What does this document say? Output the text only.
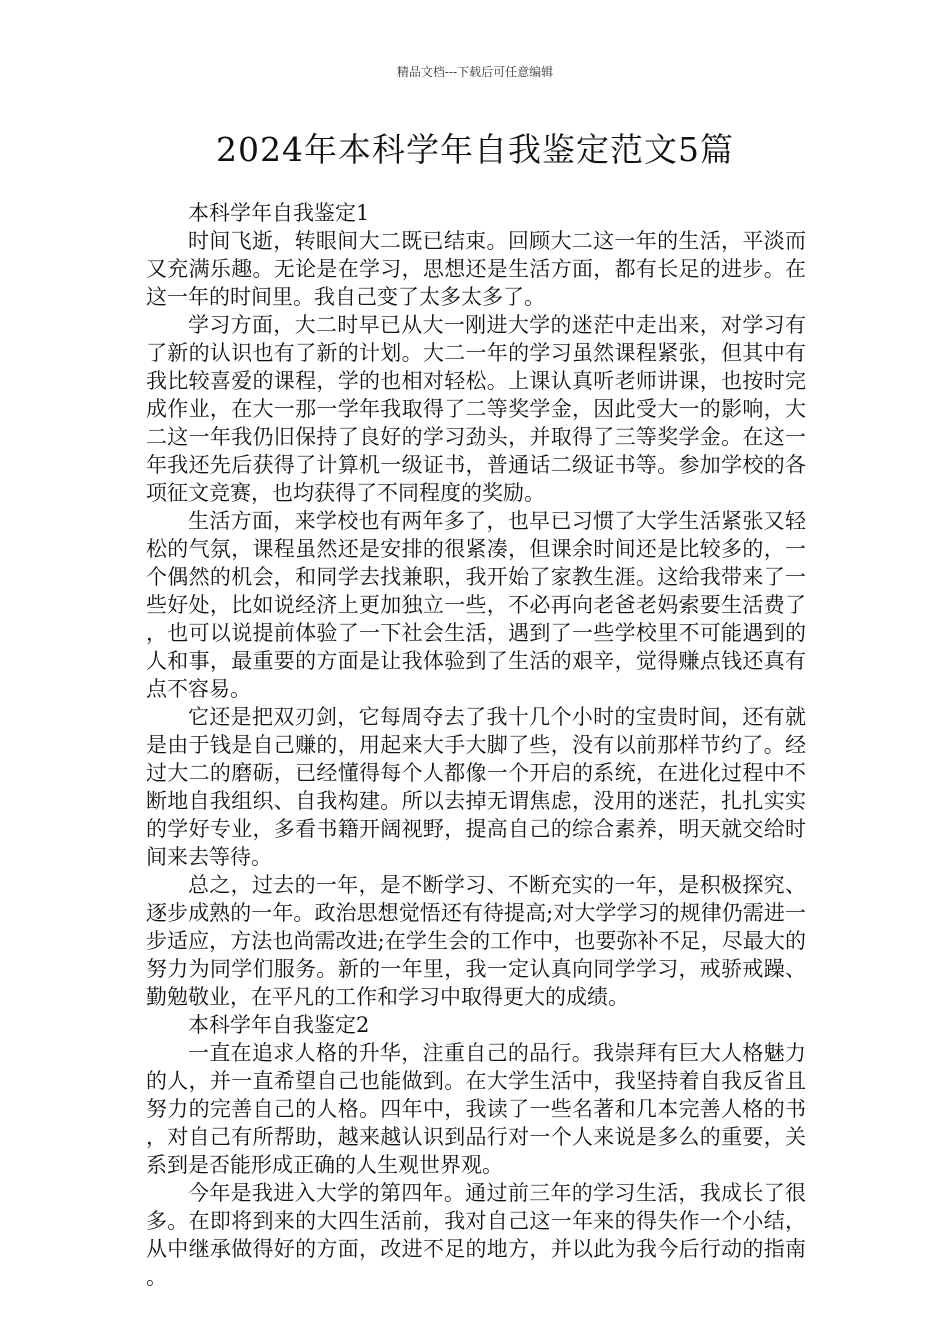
精品文档---下载后可任意编辑
2024年本科学年自我鉴定范文5篇

本科学年自我鉴定1

时间飞逝，转眼间大二既已结束。回顾大二这一年的生活，平淡而又充满乐趣。无论是在学习，思想还是生活方面，都有长足的进步。在这一年的时间里。我自己变了太多太多了。

学习方面，大二时早已从大一刚进大学的迷茫中走出来，对学习有了新的认识也有了新的计划。大二一年的学习虽然课程紧张，但其中有我比较喜爱的课程，学的也相对轻松。上课认真听老师讲课，也按时完成作业，在大一那一学年我取得了二等奖学金，因此受大一的影响，大二这一年我仍旧保持了良好的学习劲头，并取得了三等奖学金。在这一年我还先后获得了计算机一级证书，普通话二级证书等。参加学校的各项征文竞赛，也均获得了不同程度的奖励。

生活方面，来学校也有两年多了，也早已习惯了大学生活紧张又轻松的气氛，课程虽然还是安排的很紧凑，但课余时间还是比较多的，一个偶然的机会，和同学去找兼职，我开始了家教生涯。这给我带来了一些好处，比如说经济上更加独立一些，不必再向老爸老妈索要生活费了，也可以说提前体验了一下社会生活，遇到了一些学校里不可能遇到的人和事，最重要的方面是让我体验到了生活的艰辛，觉得赚点钱还真有点不容易。

它还是把双刃剑，它每周夺去了我十几个小时的宝贵时间，还有就是由于钱是自己赚的，用起来大手大脚了些，没有以前那样节约了。经过大二的磨砺，已经懂得每个人都像一个开启的系统，在进化过程中不断地自我组织、自我构建。所以去掉无谓焦虑，没用的迷茫，扎扎实实的学好专业，多看书籍开阔视野，提高自己的综合素养，明天就交给时间来去等待。

总之，过去的一年，是不断学习、不断充实的一年，是积极探究、逐步成熟的一年。政治思想觉悟还有待提高;对大学学习的规律仍需进一步适应，方法也尚需改进;在学生会的工作中，也要弥补不足，尽最大的努力为同学们服务。新的一年里，我一定认真向同学学习，戒骄戒躁、勤勉敬业，在平凡的工作和学习中取得更大的成绩。

本科学年自我鉴定2

一直在追求人格的升华，注重自己的品行。我崇拜有巨大人格魅力的人，并一直希望自己也能做到。在大学生活中，我坚持着自我反省且努力的完善自己的人格。四年中，我读了一些名著和几本完善人格的书，对自己有所帮助，越来越认识到品行对一个人来说是多么的重要，关系到是否能形成正确的人生观世界观。

今年是我进入大学的第四年。通过前三年的学习生活，我成长了很多。在即将到来的大四生活前，我对自己这一年来的得失作一个小结，从中继承做得好的方面，改进不足的地方，并以此为我今后行动的指南。
